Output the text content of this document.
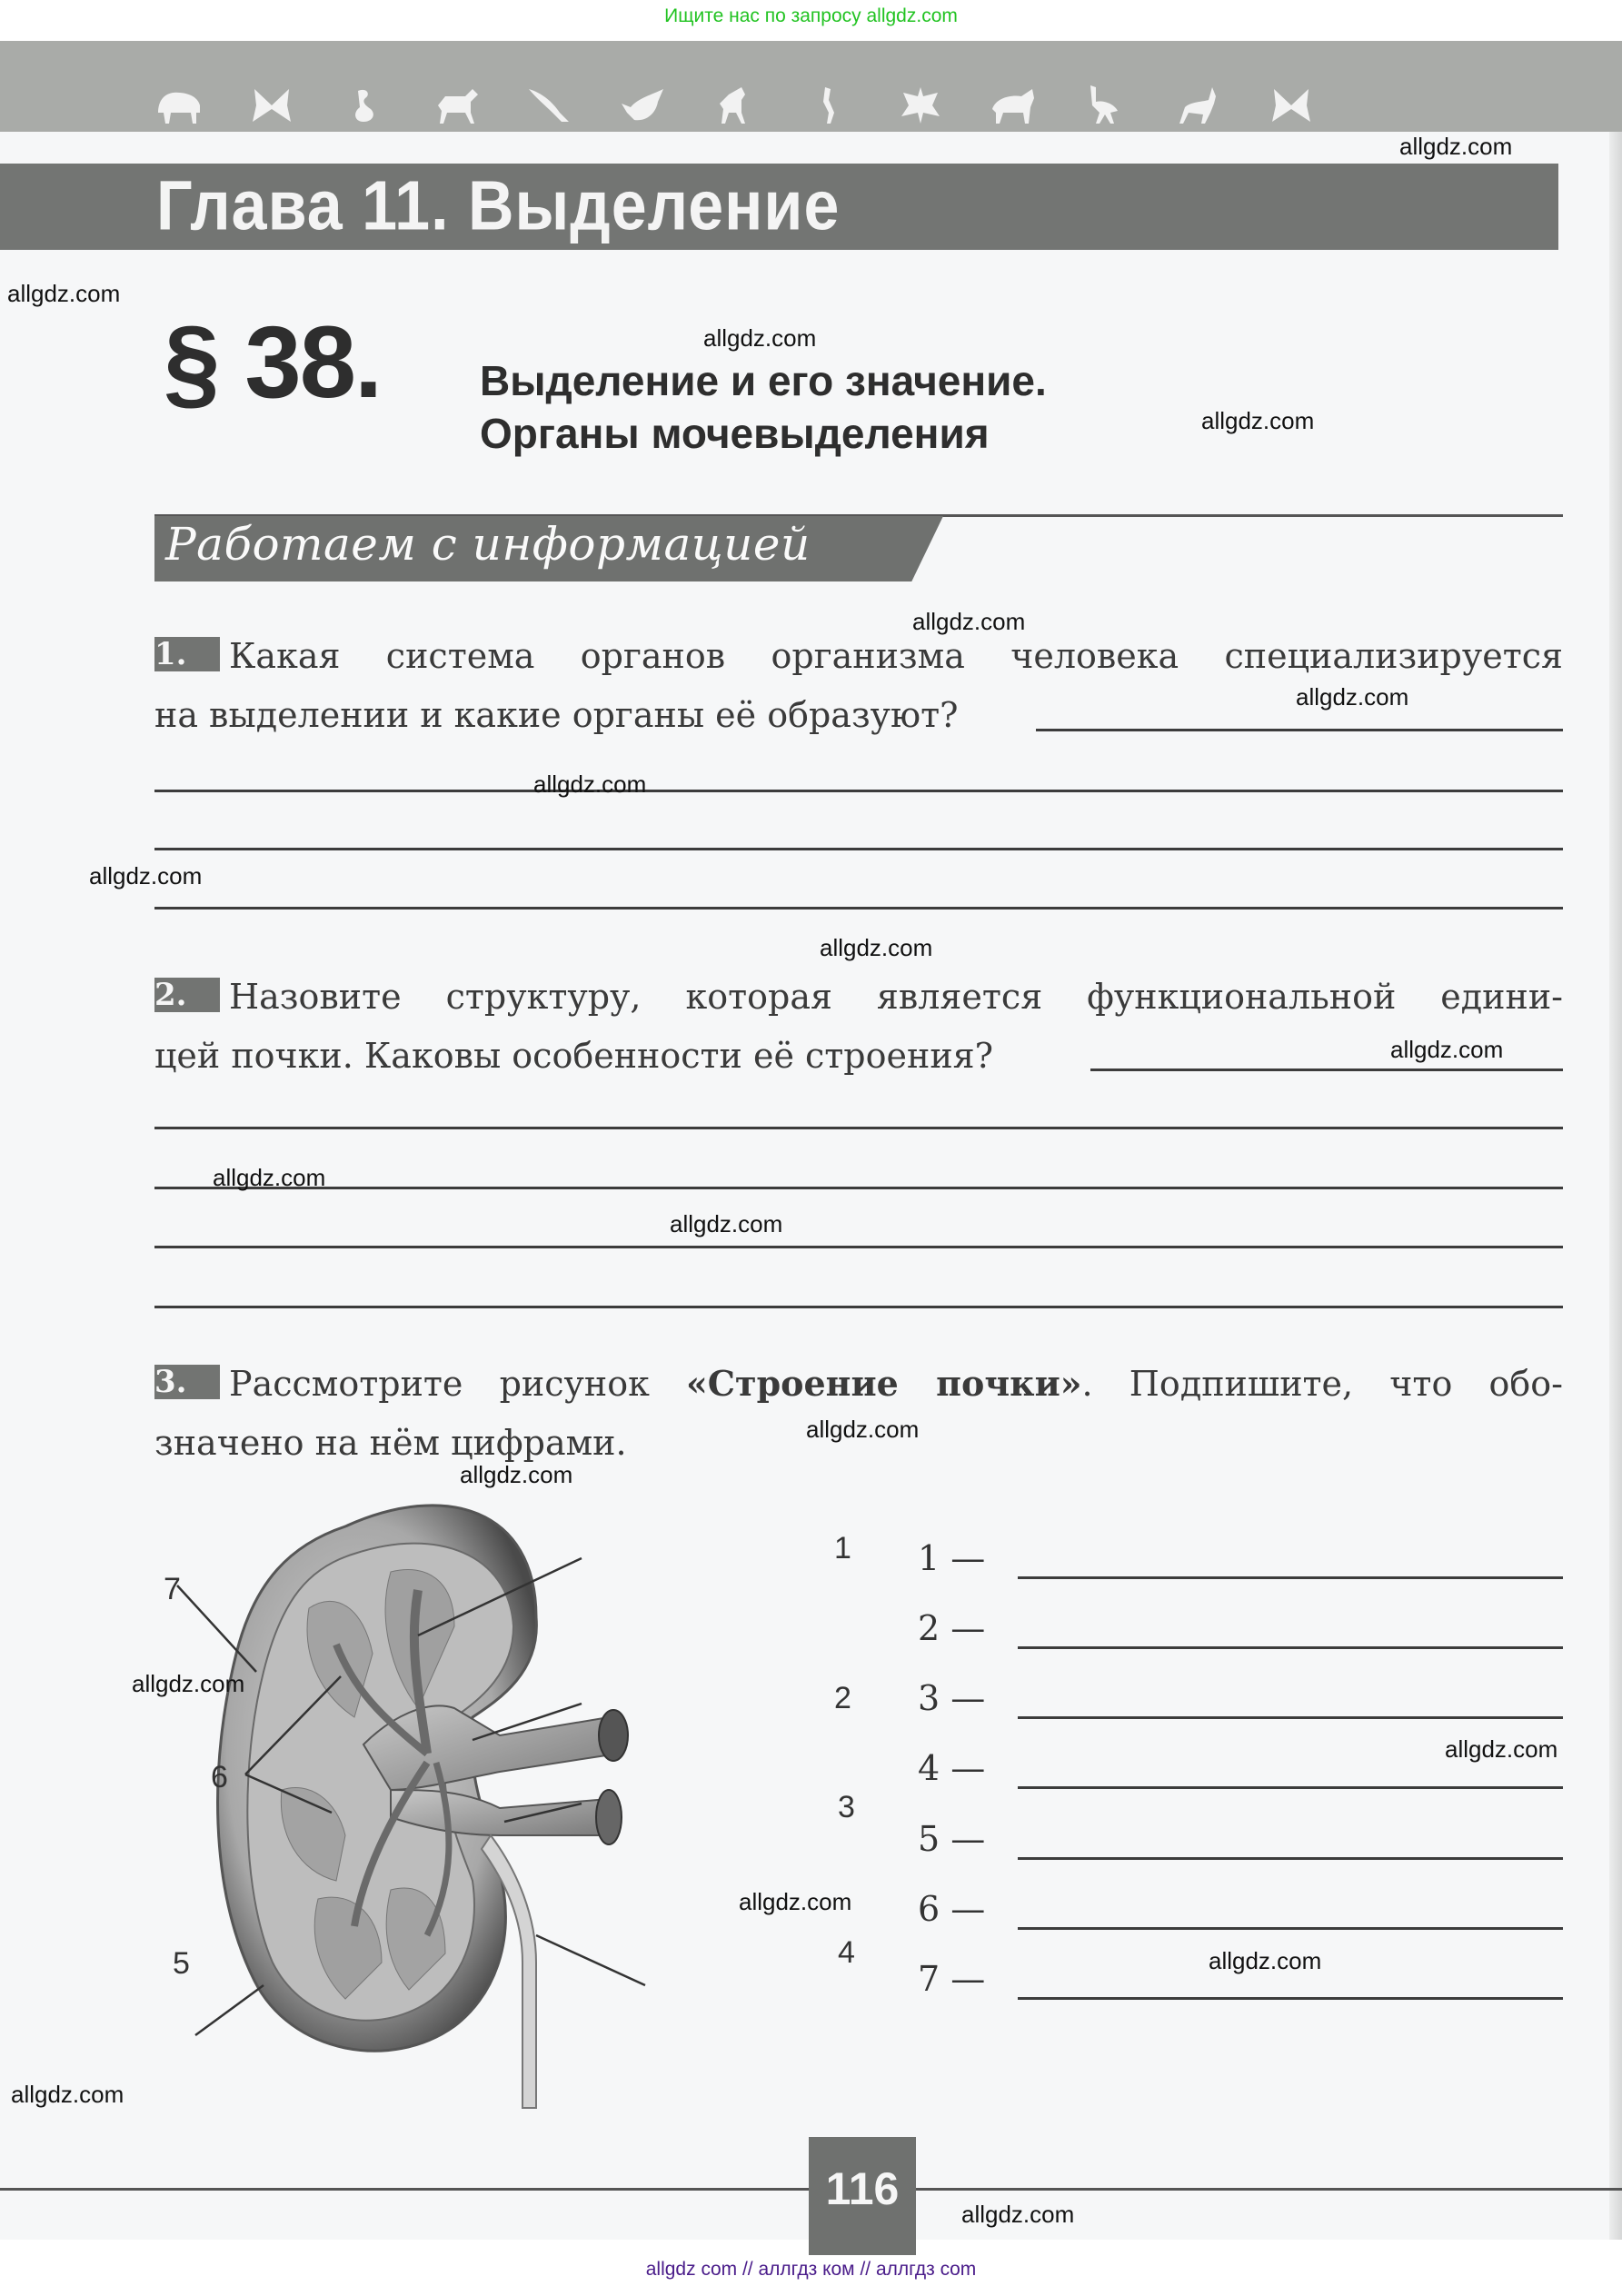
Ищите нас по запросу allgdz.com
allgdz.com
Глава 11. Выделение
allgdz.com
§ 38.	allgdz.com
Выделение и его значение.
Органы мочевыделения	allgdz.com
Работаем с информацией
allgdz.com
1. Какая система органов организма человека специализируется
на выделении и какие органы её образуют?	allgdz.com
allgdz.com
allgdz.com
allgdz.com
2. Назовите структуру, которая является функциональной едини-
цей почки. Каковы особенности её строения?	allgdz.com
allgdz.com
allgdz.com
3. Рассмотрите рисунок «Строение почки». Подпишите, что обо-
значено на нём цифрами.	allgdz.com
allgdz.com
1
2
3
4
5
6
7
allgdz.com
allgdz.com
1 —
2 —
3 —
allgdz.com
4 —
5 —
6 —
allgdz.com
7 —
allgdz.com
116	allgdz.com
allgdz com // аллгдз ком // аллгдз com
